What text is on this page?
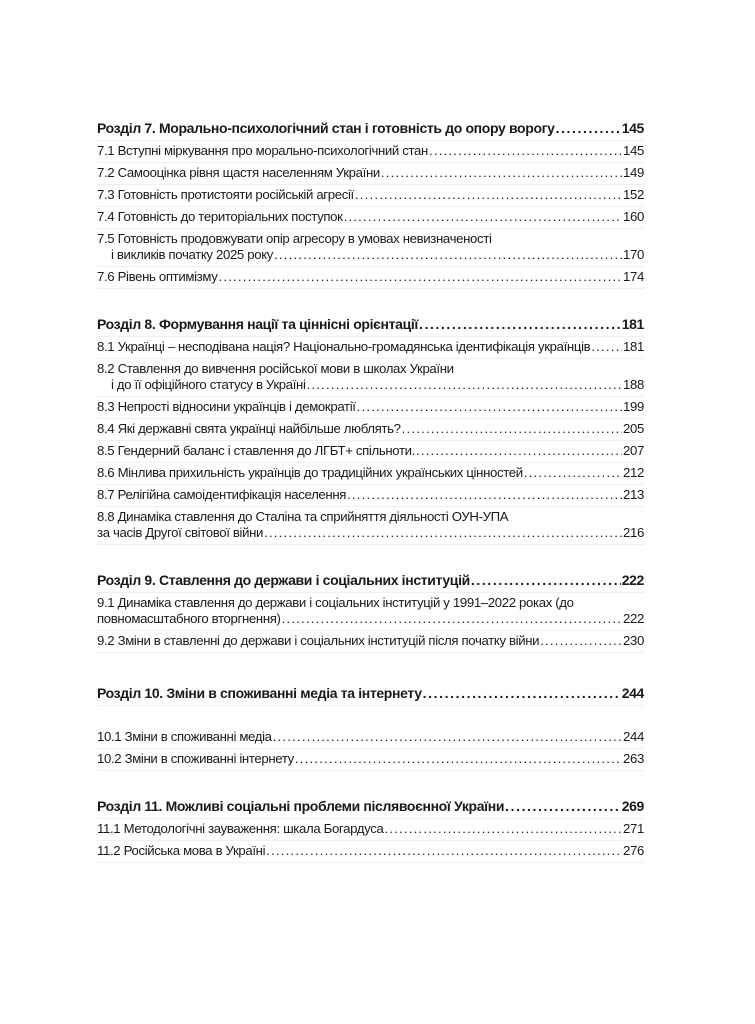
Розділ 7. Морально-психологічний стан і готовність до опору ворогу .....	145
7.1 Вступні міркування про морально-психологічний стан .....	145
7.2 Самооцінка рівня щастя населенням України .....	149
7.3 Готовність протистояти російській агресії .....	152
7.4 Готовність до територіальних поступок .....	160
7.5 Готовність продовжувати опір агресору в умовах невизначеності
і викликів початку 2025 року .....	170
7.6 Рівень оптимізму .....	174
Розділ 8. Формування нації та ціннісні орієнтації .....	181
8.1 Українці – несподівана нація? Національно-громадянська ідентифікація українців ..... 181
8.2 Ставлення до вивчення російської мови в школах України
і до її офіційного статусу в Україні .....	188
8.3 Непрості відносини українців і демократії .....	199
8.4 Які державні свята українці найбільше люблять? .....	205
8.5 Гендерний баланс і ставлення до ЛГБТ+ спільноти. .....	207
8.6 Мінлива прихильність українців до традиційних українських цінностей .....	212
8.7 Релігійна самоідентифікація населення .....	213
8.8 Динаміка ставлення до Сталіна та сприйняття діяльності ОУН-УПА
за часів Другої світової війни .....	216
Розділ 9. Ставлення до держави і соціальних інституцій .....	222
9.1 Динаміка ставлення до держави і соціальних інституцій у 1991–2022 роках (до
повномасштабного вторгнення) .....	222
9.2 Зміни в ставленні до держави і соціальних інституцій після початку війни .....	230
Розділ 10. Зміни в споживанні медіа та інтернету .....	244
10.1 Зміни в споживанні медіа .....	244
10.2 Зміни в споживанні інтернету .....	263
Розділ 11. Можливі соціальні проблеми післявоєнної України .....	269
11.1 Методологічні зауваження: шкала Богардуса .....	271
11.2 Російська мова в Україні .....	276
